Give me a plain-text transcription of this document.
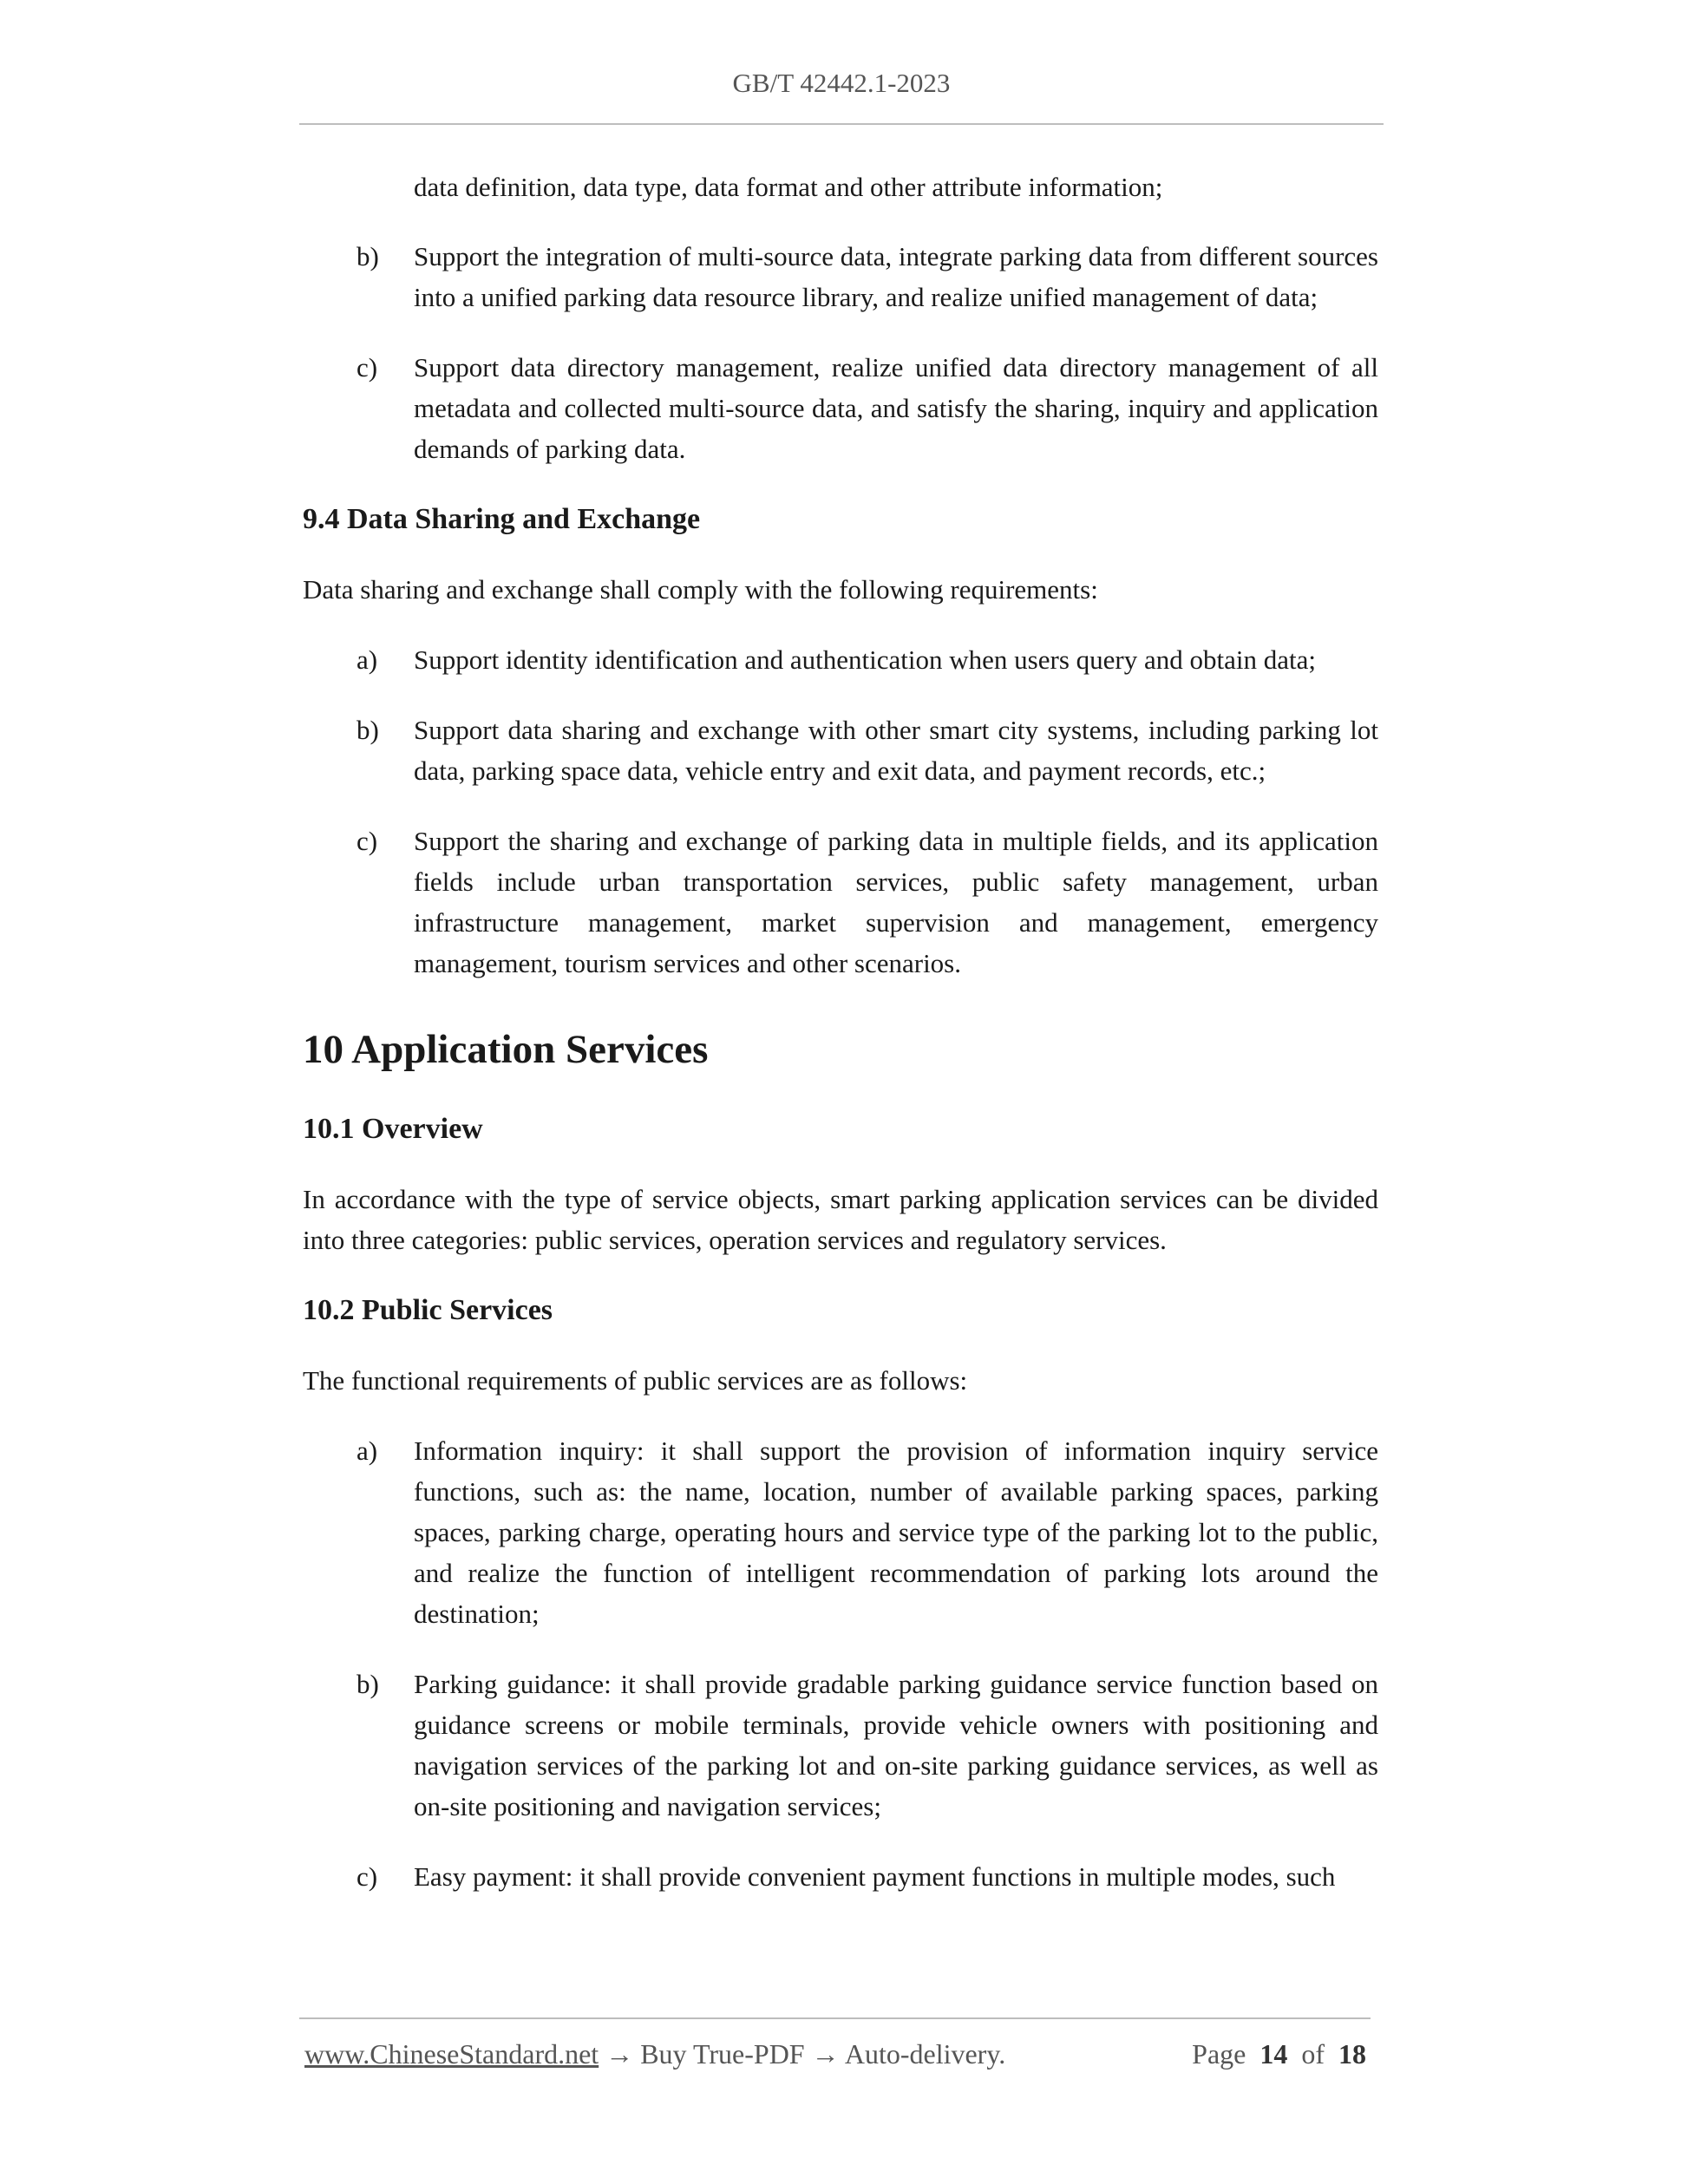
GB/T 42442.1-2023

data definition, data type, data format and other attribute information;

b) Support the integration of multi-source data, integrate parking data from different sources into a unified parking data resource library, and realize unified management of data;
c) Support data directory management, realize unified data directory management of all metadata and collected multi-source data, and satisfy the sharing, inquiry and application demands of parking data.

9.4 Data Sharing and Exchange

Data sharing and exchange shall comply with the following requirements:

a) Support identity identification and authentication when users query and obtain data;
b) Support data sharing and exchange with other smart city systems, including parking lot data, parking space data, vehicle entry and exit data, and payment records, etc.;
c) Support the sharing and exchange of parking data in multiple fields, and its application fields include urban transportation services, public safety management, urban infrastructure management, market supervision and management, emergency management, tourism services and other scenarios.

10 Application Services

10.1 Overview

In accordance with the type of service objects, smart parking application services can be divided into three categories: public services, operation services and regulatory services.

10.2 Public Services

The functional requirements of public services are as follows:

a) Information inquiry: it shall support the provision of information inquiry service functions, such as: the name, location, number of available parking spaces, parking spaces, parking charge, operating hours and service type of the parking lot to the public, and realize the function of intelligent recommendation of parking lots around the destination;
b) Parking guidance: it shall provide gradable parking guidance service function based on guidance screens or mobile terminals, provide vehicle owners with positioning and navigation services of the parking lot and on-site parking guidance services, as well as on-site positioning and navigation services;
c) Easy payment: it shall provide convenient payment functions in multiple modes, such
www.ChineseStandard.net → Buy True-PDF → Auto-delivery.	Page 14 of 18
